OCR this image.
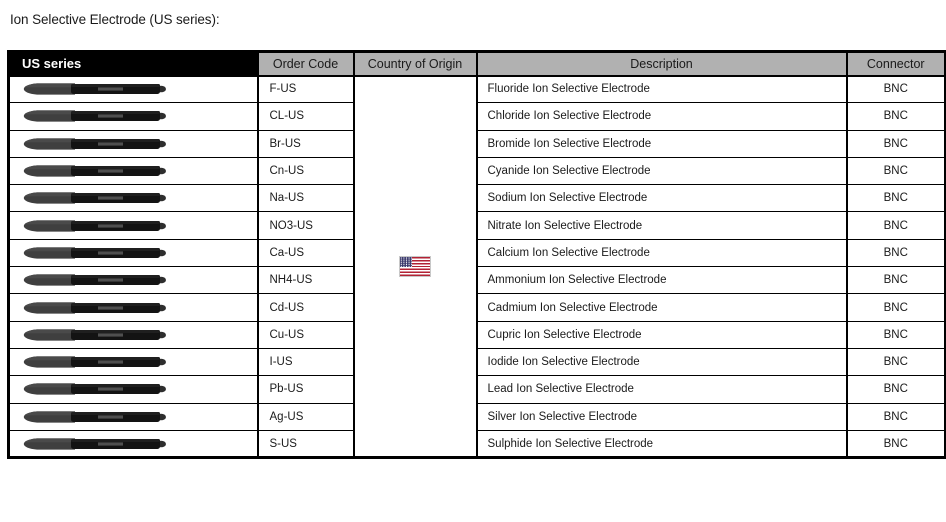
Ion Selective Electrode (US series):
US series	Order Code	Country of Origin	Description	Connector

	F-US		Fluoride Ion Selective Electrode	BNC

	CL-US		Chloride Ion Selective Electrode	BNC

	Br-US		Bromide Ion Selective Electrode	BNC

	Cn-US		Cyanide Ion Selective Electrode	BNC

	Na-US		Sodium Ion Selective Electrode	BNC

	NO3-US		Nitrate Ion Selective Electrode	BNC

	Ca-US		Calcium Ion Selective Electrode	BNC

	NH4-US		Ammonium Ion Selective Electrode	BNC

	Cd-US		Cadmium Ion Selective Electrode	BNC

	Cu-US		Cupric Ion Selective Electrode	BNC

	I-US		Iodide Ion Selective Electrode	BNC

	Pb-US		Lead Ion Selective Electrode	BNC

	Ag-US		Silver Ion Selective Electrode	BNC

	S-US		Sulphide Ion Selective Electrode	BNC
